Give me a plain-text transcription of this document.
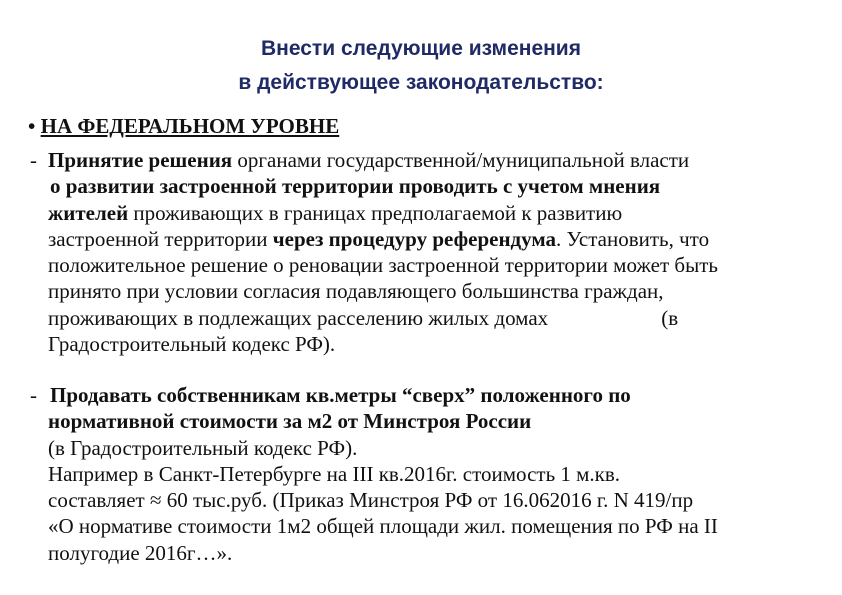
Внести следующие изменения
в действующее законодательство:
• НА ФЕДЕРАЛЬНОМ УРОВНЕ
- Принятие решения органами государственной/муниципальной власти
о развитии застроенной территории проводить с учетом мнения
жителей проживающих в границах предполагаемой к развитию
застроенной территории через процедуру референдума. Установить, что
положительное решение о реновации застроенной территории может быть
принято при условии согласия подавляющего большинства граждан,
проживающих в подлежащих расселению жилых домах	(в
Градостроительный кодекс РФ).
- Продавать собственникам кв.метры “сверх” положенного по
нормативной стоимости за м2 от Минстроя России
(в Градостроительный кодекс РФ).
Например в Санкт-Петербурге на III кв.2016г. стоимость 1 м.кв.
составляет ≈ 60 тыс.руб. (Приказ Минстроя РФ от 16.062016 г. N 419/пр
«О нормативе стоимости 1м2 общей площади жил. помещения по РФ на II
полугодие 2016г…».
